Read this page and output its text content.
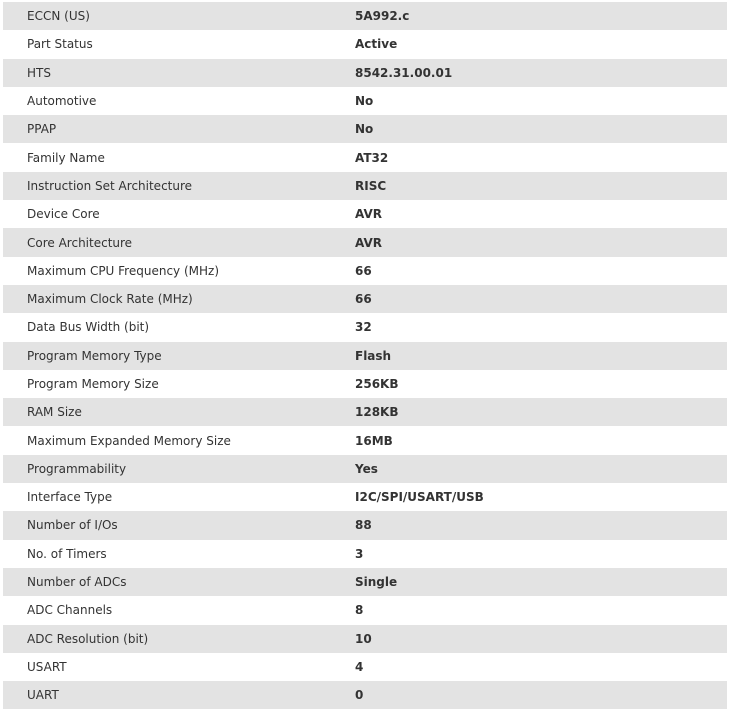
ECCN (US)	5A992.c
Part Status	Active
HTS	8542.31.00.01
Automotive	No
PPAP	No
Family Name	AT32
Instruction Set Architecture	RISC
Device Core	AVR
Core Architecture	AVR
Maximum CPU Frequency (MHz)	66
Maximum Clock Rate (MHz)	66
Data Bus Width (bit)	32
Program Memory Type	Flash
Program Memory Size	256KB
RAM Size	128KB
Maximum Expanded Memory Size	16MB
Programmability	Yes
Interface Type	I2C/SPI/USART/USB
Number of I/Os	88
No. of Timers	3
Number of ADCs	Single
ADC Channels	8
ADC Resolution (bit)	10
USART	4
UART	0
